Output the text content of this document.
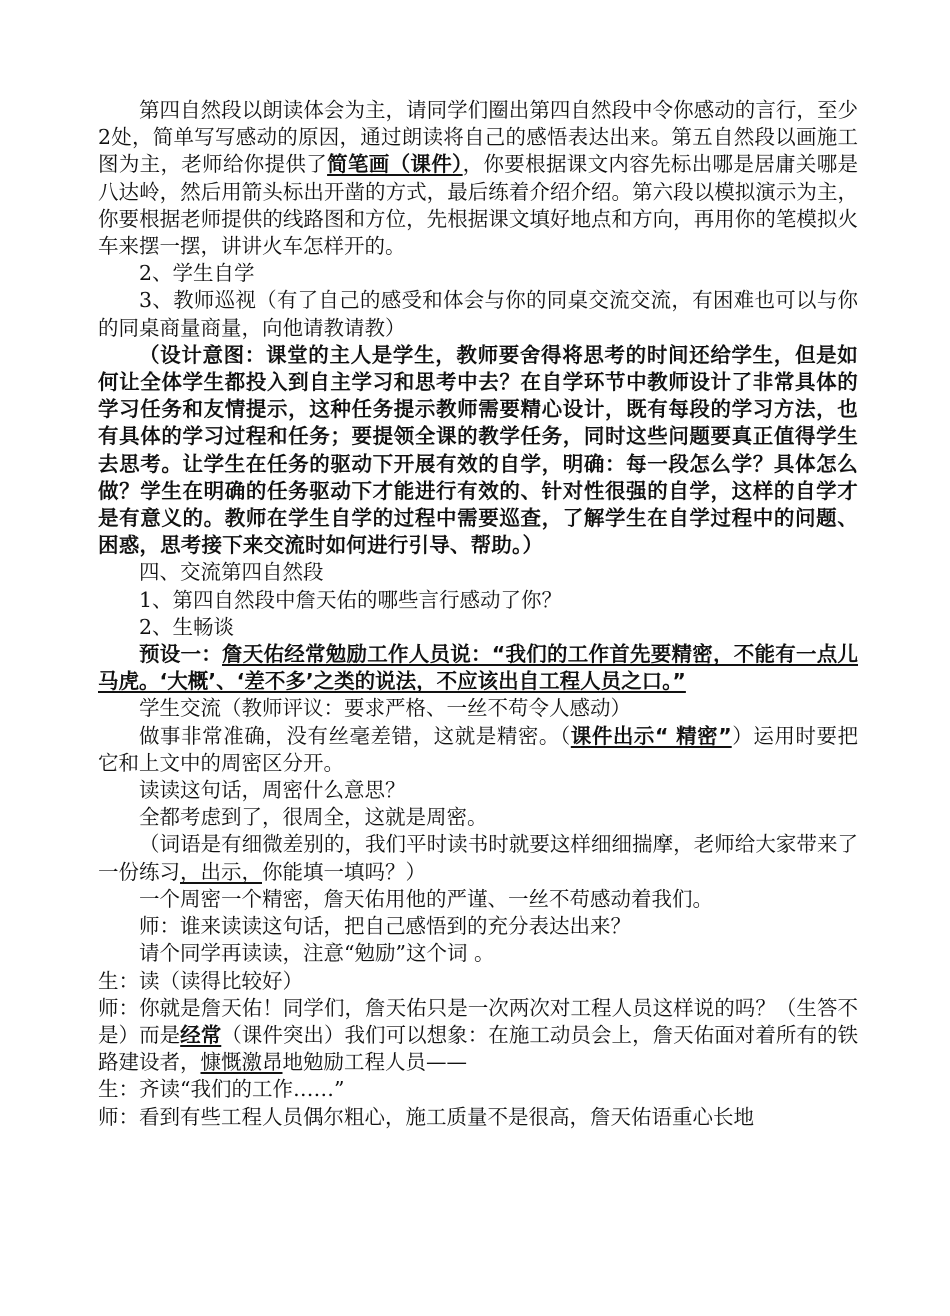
第四自然段以朗读体会为主，请同学们圈出第四自然段中令你感动的言行，至少2处，简单写写感动的原因，通过朗读将自己的感悟表达出来。第五自然段以画施工图为主，老师给你提供了简笔画（课件），你要根据课文内容先标出哪是居庸关哪是八达岭，然后用箭头标出开凿的方式，最后练着介绍介绍。第六段以模拟演示为主，你要根据老师提供的线路图和方位，先根据课文填好地点和方向，再用你的笔模拟火车来摆一摆，讲讲火车怎样开的。

2、学生自学

3、教师巡视（有了自己的感受和体会与你的同桌交流交流，有困难也可以与你的同桌商量商量，向他请教请教）

（设计意图：课堂的主人是学生，教师要舍得将思考的时间还给学生，但是如何让全体学生都投入到自主学习和思考中去？在自学环节中教师设计了非常具体的学习任务和友情提示，这种任务提示教师需要精心设计，既有每段的学习方法，也有具体的学习过程和任务；要提领全课的教学任务，同时这些问题要真正值得学生去思考。让学生在任务的驱动下开展有效的自学，明确：每一段怎么学？具体怎么做？学生在明确的任务驱动下才能进行有效的、针对性很强的自学，这样的自学才是有意义的。教师在学生自学的过程中需要巡查，了解学生在自学过程中的问题、困惑，思考接下来交流时如何进行引导、帮助。）

四、交流第四自然段

1、第四自然段中詹天佑的哪些言行感动了你？

2、生畅谈

预设一：詹天佑经常勉励工作人员说：“我们的工作首先要精密，不能有一点儿马虎。‘大概’、‘差不多’之类的说法，不应该出自工程人员之口。”

学生交流（教师评议：要求严格、一丝不苟令人感动）

做事非常准确，没有丝毫差错，这就是精密。（课件出示“ 精密”）运用时要把它和上文中的周密区分开。

读读这句话，周密什么意思？

全都考虑到了，很周全，这就是周密。

（词语是有细微差别的，我们平时读书时就要这样细细揣摩，老师给大家带来了一份练习，出示，你能填一填吗？）

一个周密一个精密，詹天佑用他的严谨、一丝不苟感动着我们。

师：谁来读读这句话，把自己感悟到的充分表达出来？

请个同学再读读，注意“勉励”这个词 。

生：读（读得比较好）

师：你就是詹天佑！同学们，詹天佑只是一次两次对工程人员这样说的吗？（生答不是）而是经常（课件突出）我们可以想象：在施工动员会上，詹天佑面对着所有的铁路建设者，慷慨激昂地勉励工程人员——

生：齐读“我们的工作……”

师：看到有些工程人员偶尔粗心，施工质量不是很高，詹天佑语重心长地
